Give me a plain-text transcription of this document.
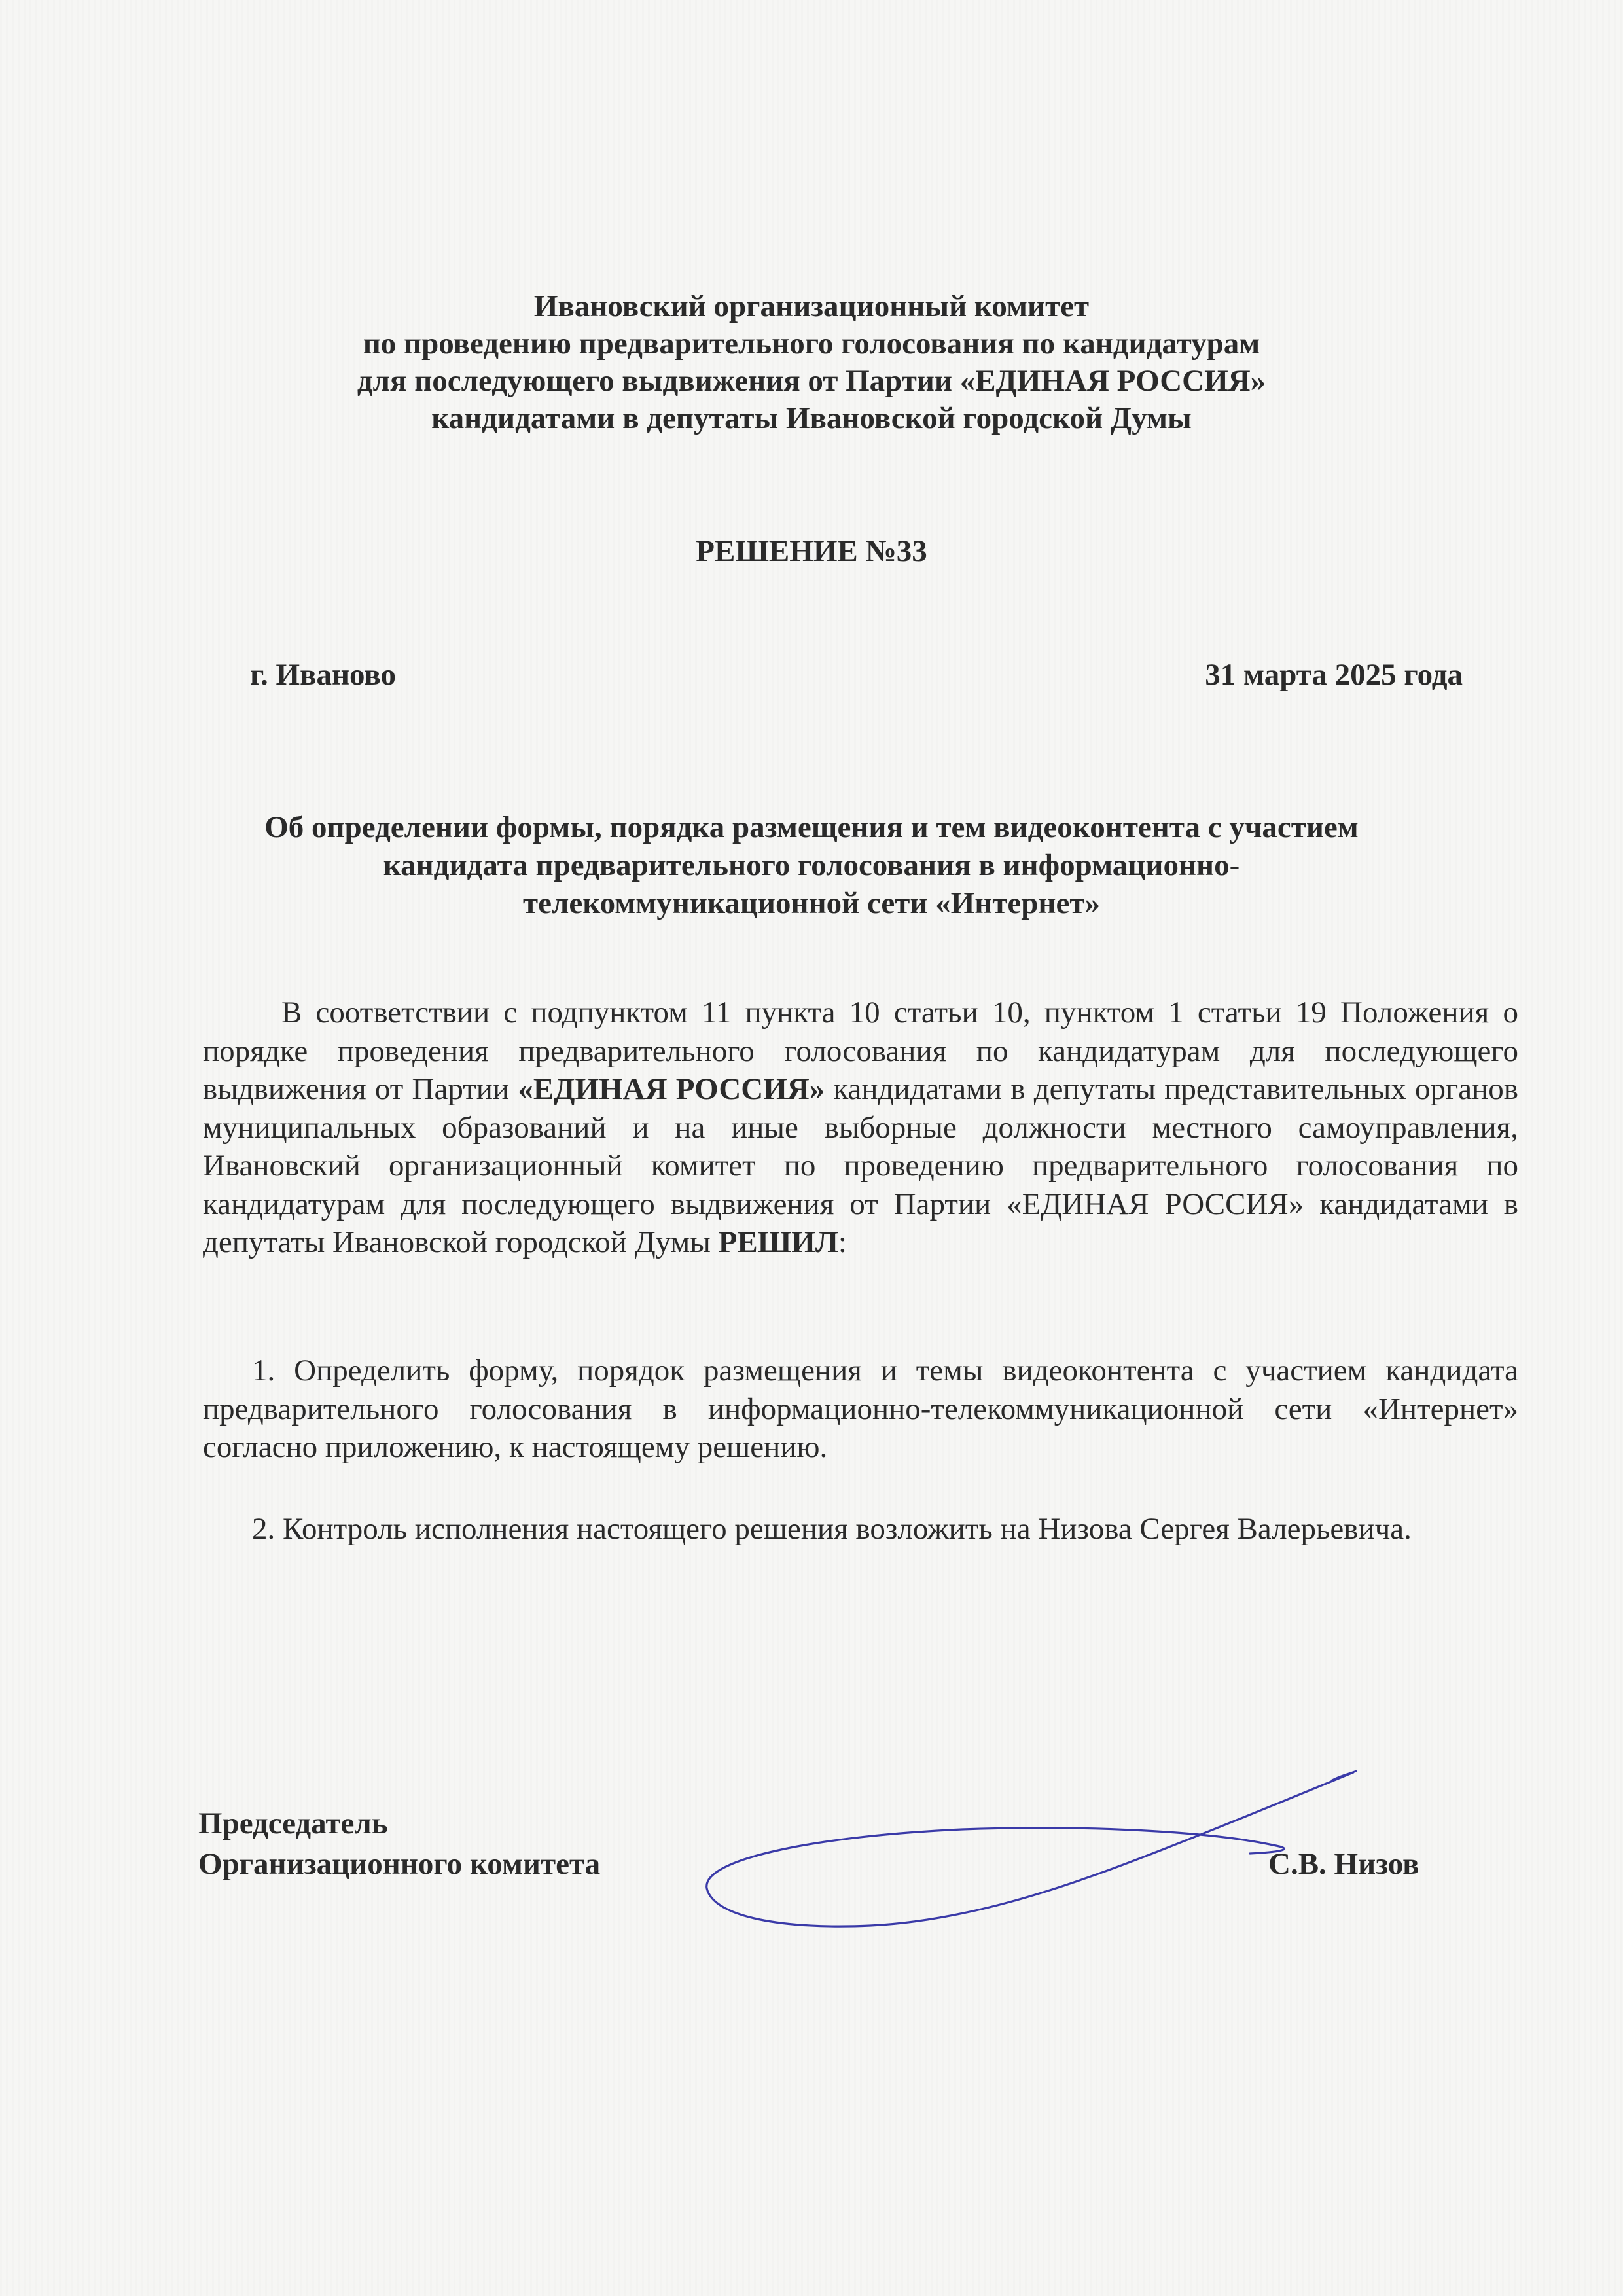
Ивановский организационный комитет
по проведению предварительного голосования по кандидатурам
для последующего выдвижения от Партии «ЕДИНАЯ РОССИЯ»
кандидатами в депутаты Ивановской городской Думы
РЕШЕНИЕ №33
г. Иваново	31 марта 2025 года
Об определении формы, порядка размещения и тем видеоконтента с участием
кандидата предварительного голосования в информационно-
телекоммуникационной сети «Интернет»
В соответствии с подпунктом 11 пункта 10 статьи 10, пунктом 1 статьи 19 Положения о порядке проведения предварительного голосования по кандидатурам для последующего выдвижения от Партии «ЕДИНАЯ РОССИЯ» кандидатами в депутаты представительных органов муниципальных образований и на иные выборные должности местного самоуправления, Ивановский организационный комитет по проведению предварительного голосования по кандидатурам для последующего выдвижения от Партии «ЕДИНАЯ РОССИЯ» кандидатами в депутаты Ивановской городской Думы РЕШИЛ:
1. Определить форму, порядок размещения и темы видеоконтента с участием кандидата предварительного голосования в информационно-телекоммуникационной сети «Интернет» согласно приложению, к настоящему решению.
2. Контроль исполнения настоящего решения возложить на Низова Сергея Валерьевича.
Председатель
Организационного комитета	С.В. Низов
